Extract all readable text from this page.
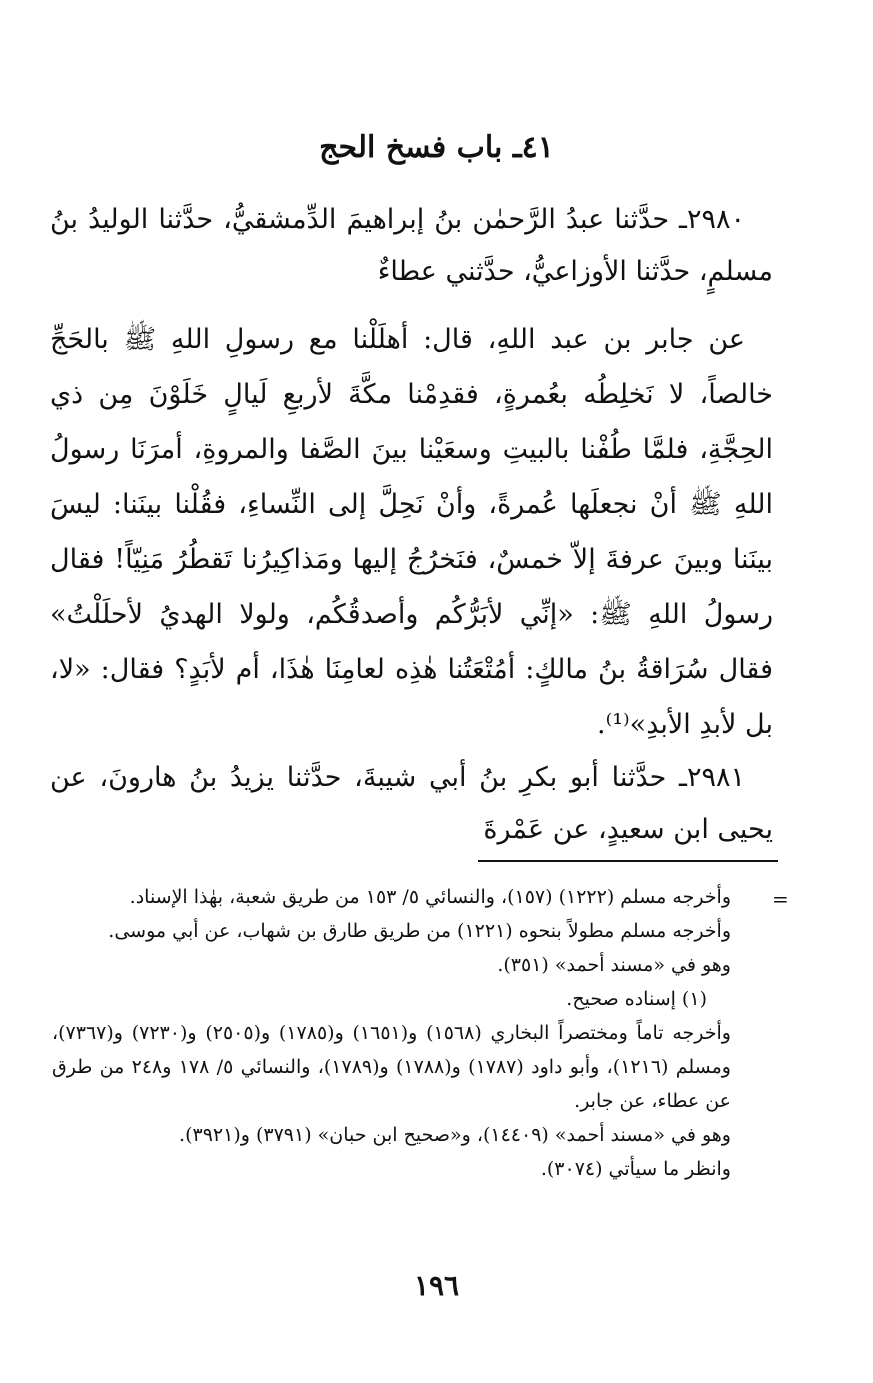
٤١ـ باب فسخ الحج

٢٩٨٠ـ حدَّثنا عبدُ الرَّحمٰن بنُ إبراهيمَ الدِّمشقيُّ، حدَّثنا الوليدُ بنُ مسلمٍ، حدَّثنا الأوزاعيُّ، حدَّثني عطاءٌ

عن جابر بن عبد اللهِ، قال: أهلَلْنا مع رسولِ اللهِ ﷺ بالحَجِّ خالصاً، لا نَخلِطُه بعُمرةٍ، فقدِمْنا مكَّةَ لأربعِ لَيالٍ خَلَوْنَ مِن ذي الحِجَّةِ، فلمَّا طُفْنا بالبيتِ وسعَيْنا بينَ الصَّفا والمروةِ، أمرَنَا رسولُ اللهِ ﷺ أنْ نجعلَها عُمرةً، وأنْ نَحِلَّ إلى النِّساءِ، فقُلْنا بينَنا: ليسَ بينَنا وبينَ عرفةَ إلاّ خمسٌ، فنَخرُجُ إليها ومَذاكِيرُنا تَقطُرُ مَنِيّاً! فقال رسولُ اللهِ ﷺ: «إنِّي لأبَرُّكُم وأصدقُكُم، ولولا الهديُ لأحلَلْتُ» فقال سُرَاقةُ بنُ مالكٍ: أمُتْعَتُنا هٰذِه لعامِنَا هٰذَا، أم لأبَدٍ؟ فقال: «لا، بل لأبدِ الأبدِ»⁽¹⁾.

٢٩٨١ـ حدَّثنا أبو بكرِ بنُ أبي شيبةَ، حدَّثنا يزيدُ بنُ هارونَ، عن يحيى ابن سعيدٍ، عن عَمْرةَ

=

وأخرجه مسلم (١٢٢٢) (١٥٧)، والنسائي ٥/ ١٥٣ من طريق شعبة، بهٰذا الإسناد.

وأخرجه مسلم مطولاً بنحوه (١٢٢١) من طريق طارق بن شهاب، عن أبي موسى.

وهو في «مسند أحمد» (٣٥١).

(١) إسناده صحيح.

وأخرجه تاماً ومختصراً البخاري (١٥٦٨) و(١٦٥١) و(١٧٨٥) و(٢٥٠٥) و(٧٢٣٠) و(٧٣٦٧)، ومسلم (١٢١٦)، وأبو داود (١٧٨٧) و(١٧٨٨) و(١٧٨٩)، والنسائي ٥/ ١٧٨ و٢٤٨ من طرق عن عطاء، عن جابر.

وهو في «مسند أحمد» (١٤٤٠٩)، و«صحيح ابن حبان» (٣٧٩١) و(٣٩٢١).

وانظر ما سيأتي (٣٠٧٤).

١٩٦
